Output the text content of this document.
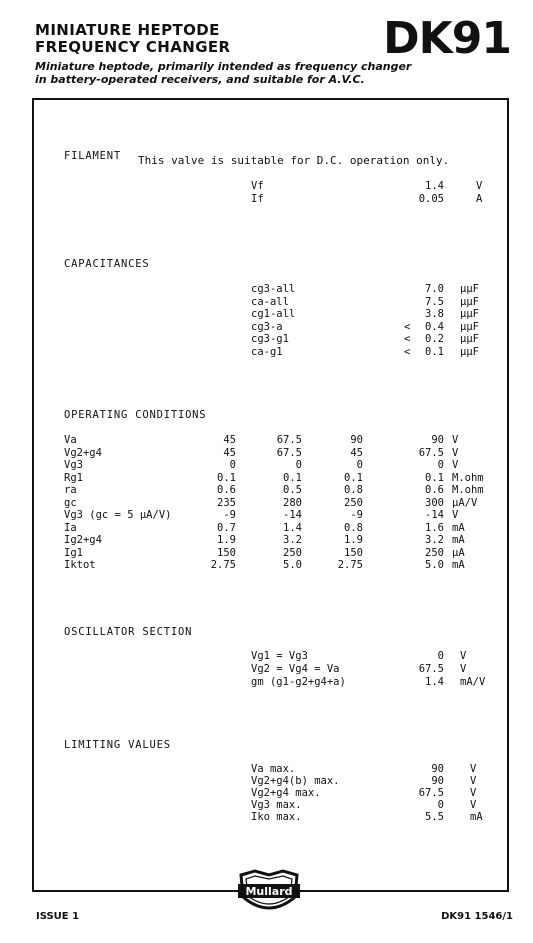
MINIATURE HEPTODE
FREQUENCY CHANGER	DK91
Miniature heptode, primarily intended as frequency changer
in battery-operated receivers, and suitable for A.V.C.
FILAMENT This valve is suitable for D.C. operation only.
Vf	1.4	V
If	0.05	A
CAPACITANCES
cg3-all	7.0 µµF
ca-all	7.5 µµF
cg1-all	3.8 µµF
cg3-a	<	0.4 µµF
cg3-g1	<	0.2 µµF
ca-g1	<	0.1 µµF
OPERATING CONDITIONS
Va	45	67.5	90	90 V
Vg2+g4	45	67.5	45	67.5 V
Vg3	0	0	0	0 V
Rg1	0.1	0.1	0.1	0.1 M.ohm
ra	0.6	0.5	0.8	0.6 M.ohm
gc	235	280	250	300 µA/V
Vg3 (gc = 5 µA/V)	-9	-14	-9	-14 V
Ia	0.7	1.4	0.8	1.6 mA
Ig2+g4	1.9	3.2	1.9	3.2 mA
Ig1	150	250	150	250 µA
Iktot	2.75	5.0	2.75	5.0 mA
OSCILLATOR SECTION
Vg1 = Vg3	0 V
Vg2 = Vg4 = Va	67.5 V
gm (g1-g2+g4+a)	1.4 mA/V
LIMITING VALUES
Va max.	90 V
Vg2+g4(b) max.	90 V
Vg2+g4 max.	67.5 V
Vg3 max.	0 V
Iko max.	5.5 mA
Mullard
ISSUE 1	DK91 1546/1
